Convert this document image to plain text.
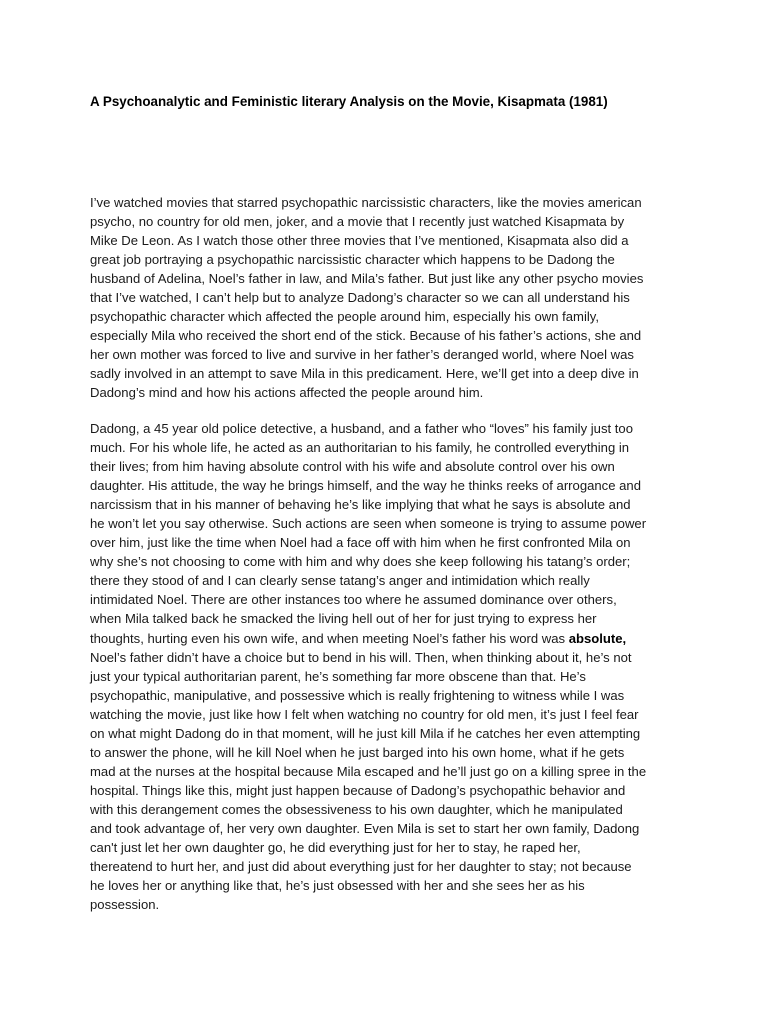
A Psychoanalytic and Feministic literary Analysis on the Movie, Kisapmata (1981)
I’ve watched movies that starred psychopathic narcissistic characters, like the movies american
psycho, no country for old men, joker, and a movie that I recently just watched Kisapmata by
Mike De Leon. As I watch those other three movies that I’ve mentioned, Kisapmata also did a
great job portraying a psychopathic narcissistic character which happens to be Dadong the
husband of Adelina, Noel’s father in law, and Mila’s father. But just like any other psycho movies
that I’ve watched, I can’t help but to analyze Dadong’s character so we can all understand his
psychopathic character which affected the people around him, especially his own family,
especially Mila who received the short end of the stick. Because of his father’s actions, she and
her own mother was forced to live and survive in her father’s deranged world, where Noel was
sadly involved in an attempt to save Mila in this predicament. Here, we’ll get into a deep dive in
Dadong’s mind and how his actions affected the people around him.
Dadong, a 45 year old police detective, a husband, and a father who “loves” his family just too
much. For his whole life, he acted as an authoritarian to his family, he controlled everything in
their lives; from him having absolute control with his wife and absolute control over his own
daughter. His attitude, the way he brings himself, and the way he thinks reeks of arrogance and
narcissism that in his manner of behaving he’s like implying that what he says is absolute and
he won’t let you say otherwise. Such actions are seen when someone is trying to assume power
over him, just like the time when Noel had a face off with him when he first confronted Mila on
why she’s not choosing to come with him and why does she keep following his tatang’s order;
there they stood of and I can clearly sense tatang’s anger and intimidation which really
intimidated Noel. There are other instances too where he assumed dominance over others,
when Mila talked back he smacked the living hell out of her for just trying to express her
thoughts, hurting even his own wife, and when meeting Noel’s father his word was absolute,
Noel’s father didn’t have a choice but to bend in his will. Then, when thinking about it, he’s not
just your typical authoritarian parent, he’s something far more obscene than that. He’s
psychopathic, manipulative, and possessive which is really frightening to witness while I was
watching the movie, just like how I felt when watching no country for old men, it’s just I feel fear
on what might Dadong do in that moment, will he just kill Mila if he catches her even attempting
to answer the phone, will he kill Noel when he just barged into his own home, what if he gets
mad at the nurses at the hospital because Mila escaped and he’ll just go on a killing spree in the
hospital. Things like this, might just happen because of Dadong’s psychopathic behavior and
with this derangement comes the obsessiveness to his own daughter, which he manipulated
and took advantage of, her very own daughter. Even Mila is set to start her own family, Dadong
can't just let her own daughter go, he did everything just for her to stay, he raped her,
thereatend to hurt her, and just did about everything just for her daughter to stay; not because
he loves her or anything like that, he’s just obsessed with her and she sees her as his
possession.
